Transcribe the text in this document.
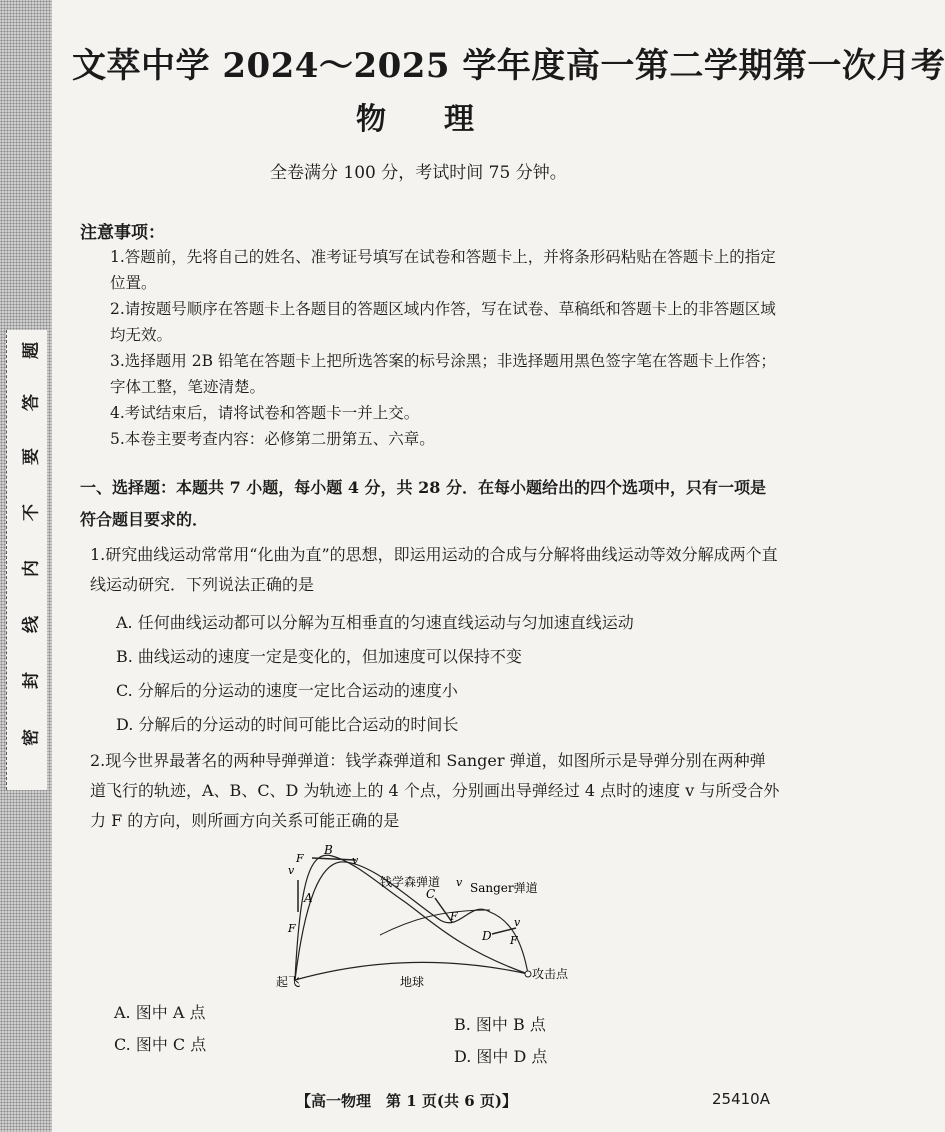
密
封
线
内
不
要
答
题
文萃中学 2024～2025 学年度高一第二学期第一次月考
物理
全卷满分 100 分，考试时间 75 分钟。
注意事项：
1.答题前，先将自己的姓名、准考证号填写在试卷和答题卡上，并将条形码粘贴在答题卡上的指定位置。
2.请按题号顺序在答题卡上各题目的答题区域内作答，写在试卷、草稿纸和答题卡上的非答题区域均无效。
3.选择题用 2B 铅笔在答题卡上把所选答案的标号涂黑；非选择题用黑色签字笔在答题卡上作答；字体工整，笔迹清楚。
4.考试结束后，请将试卷和答题卡一并上交。
5.本卷主要考查内容：必修第二册第五、六章。
一、选择题：本题共 7 小题，每小题 4 分，共 28 分．在每小题给出的四个选项中，只有一项是符合题目要求的．
1.研究曲线运动常常用“化曲为直”的思想，即运用运动的合成与分解将曲线运动等效分解成两个直线运动研究．下列说法正确的是
A. 任何曲线运动都可以分解为互相垂直的匀速直线运动与匀加速直线运动
B. 曲线运动的速度一定是变化的，但加速度可以保持不变
C. 分解后的分运动的速度一定比合运动的速度小
D. 分解后的分运动的时间可能比合运动的时间长
2.现今世界最著名的两种导弹弹道：钱学森弹道和 Sanger 弹道，如图所示是导弹分别在两种弹道飞行的轨迹，A、B、C、D 为轨迹上的 4 个点，分别画出导弹经过 4 点时的速度 v 与所受合外力 F 的方向，则所画方向关系可能正确的是
A
B
C
D
v
v
v
v
F
F
F
F
钱学森弹道 Sanger弹道
起飞	地球
攻击点
A. 图中 A 点
B. 图中 B 点
C. 图中 C 点
D. 图中 D 点
【高一物理　第 1 页(共 6 页)】	25410A
